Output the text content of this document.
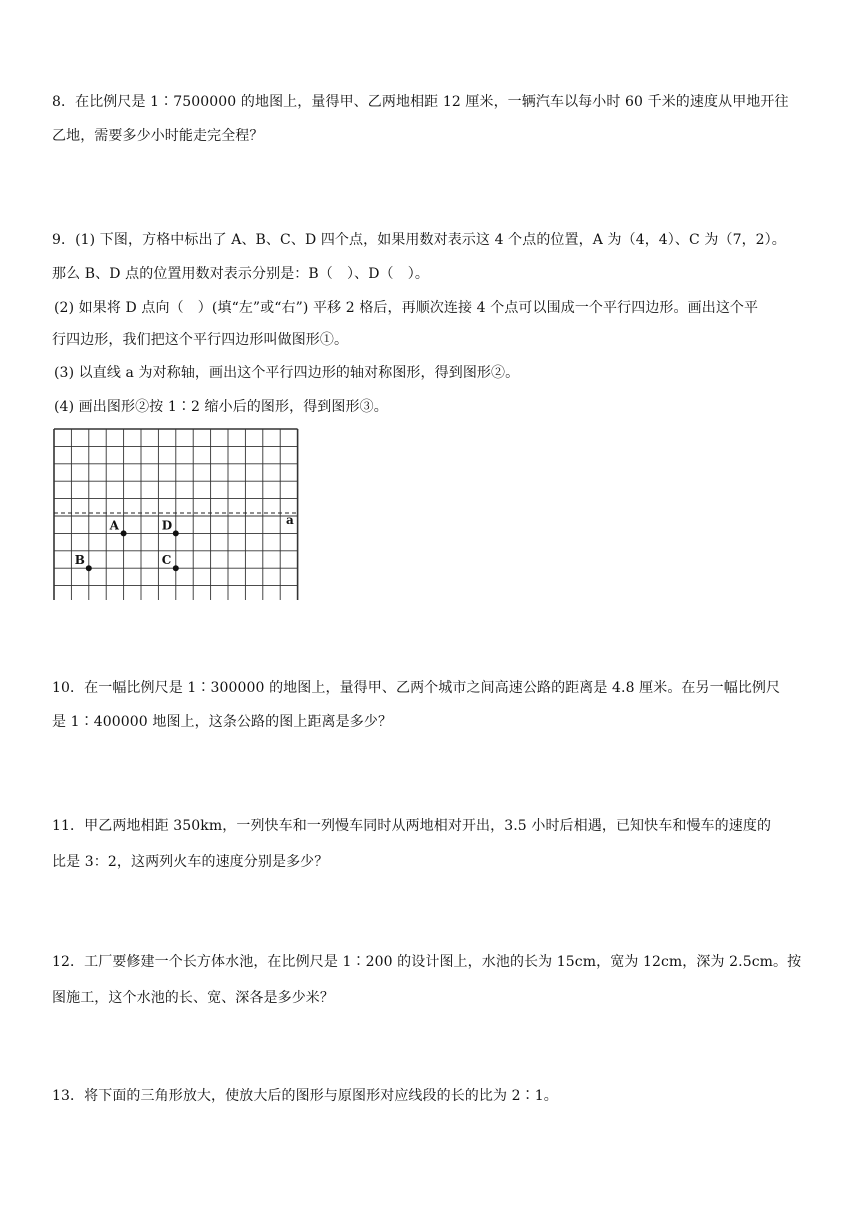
8．在比例尺是 1∶7500000 的地图上，量得甲、乙两地相距 12 厘米，一辆汽车以每小时 60 千米的速度从甲地开往
乙地，需要多少小时能走完全程？
9．(1) 下图，方格中标出了 A、B、C、D 四个点，如果用数对表示这 4 个点的位置，A 为（4，4）、C 为（7，2）。
那么 B、D 点的位置用数对表示分别是：B（　）、D（　）。
(2) 如果将 D 点向（　）(填“左”或“右”) 平移 2 格后，再顺次连接 4 个点可以围成一个平行四边形。画出这个平
行四边形，我们把这个平行四边形叫做图形①。
(3) 以直线 a 为对称轴，画出这个平行四边形的轴对称图形，得到图形②。
(4) 画出图形②按 1∶2 缩小后的图形，得到图形③。
a
A
B	C
D
10．在一幅比例尺是 1∶300000 的地图上，量得甲、乙两个城市之间高速公路的距离是 4.8 厘米。在另一幅比例尺
是 1∶400000 地图上，这条公路的图上距离是多少？
11．甲乙两地相距 350km，一列快车和一列慢车同时从两地相对开出，3.5 小时后相遇，已知快车和慢车的速度的
比是 3：2，这两列火车的速度分别是多少？
12．工厂要修建一个长方体水池，在比例尺是 1∶200 的设计图上，水池的长为 15cm，宽为 12cm，深为 2.5cm。按
图施工，这个水池的长、宽、深各是多少米？
13．将下面的三角形放大，使放大后的图形与原图形对应线段的长的比为 2∶1。
